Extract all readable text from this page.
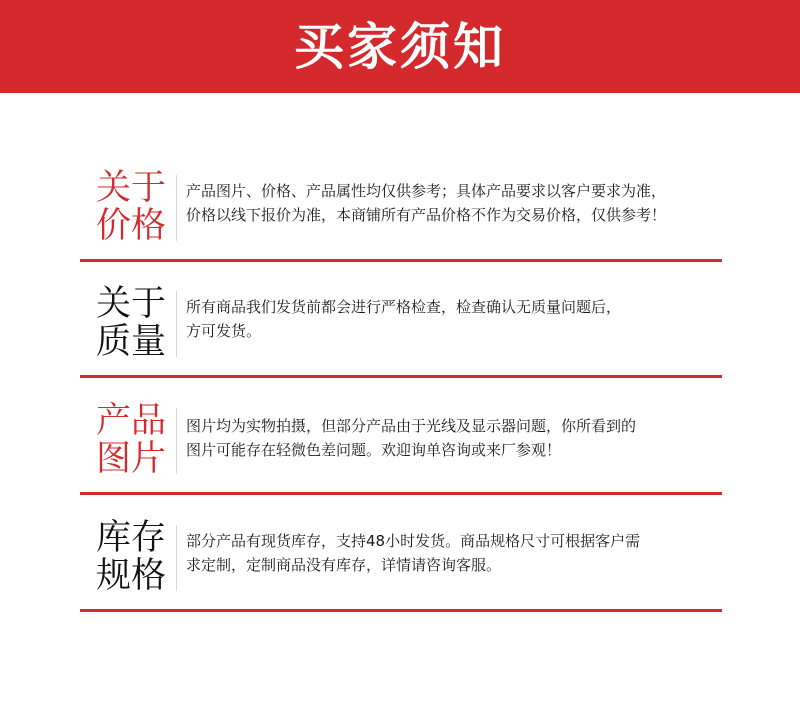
买家须知
关于
价格
产品图片、价格、产品属性均仅供参考；具体产品要求以客户要求为准，
价格以线下报价为准，本商铺所有产品价格不作为交易价格，仅供参考！
关于
质量
所有商品我们发货前都会进行严格检查，检查确认无质量问题后，
方可发货。
产品
图片
图片均为实物拍摄，但部分产品由于光线及显示器问题，你所看到的
图片可能存在轻微色差问题。欢迎询单咨询或来厂参观！
库存
规格
部分产品有现货库存，支持48小时发货。商品规格尺寸可根据客户需
求定制，定制商品没有库存，详情请咨询客服。
